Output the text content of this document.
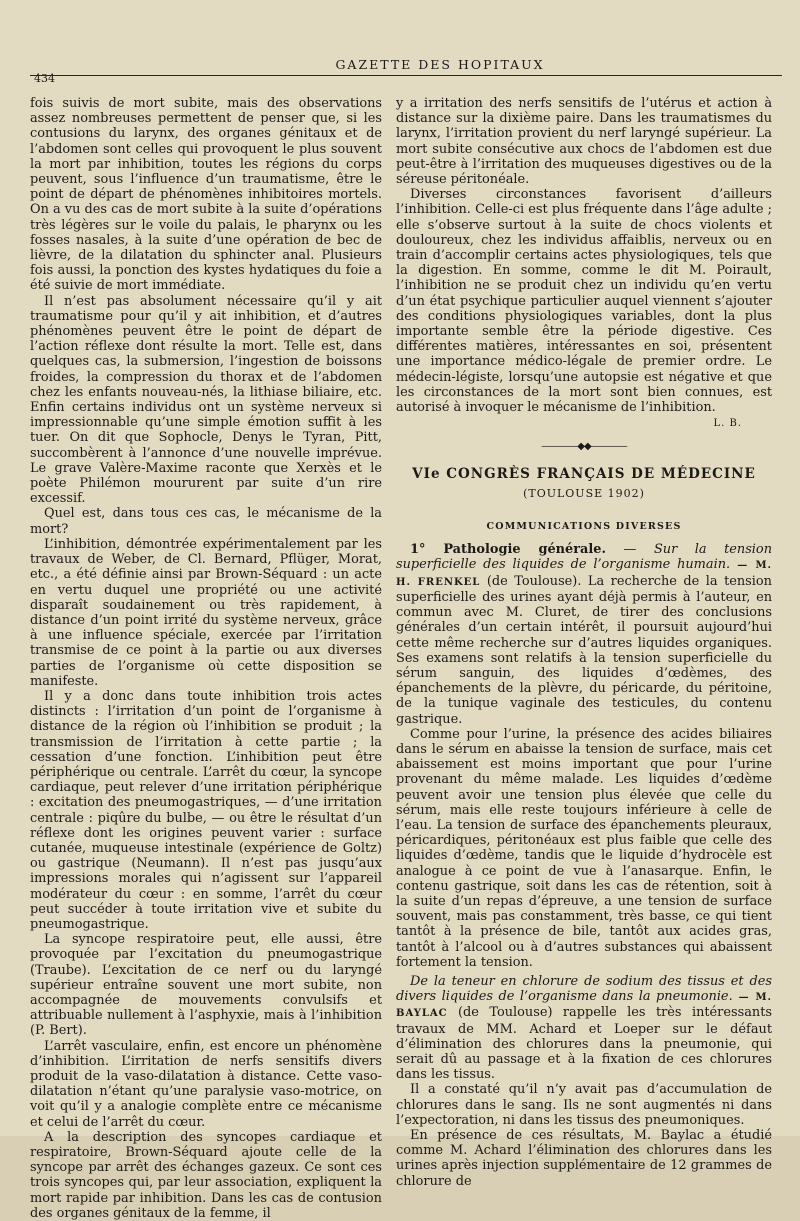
434
GAZETTE DES HOPITAUX

fois suivis de mort subite, mais des observations assez nombreuses permettent de penser que, si les contusions du larynx, des organes génitaux et de l’abdomen sont celles qui provoquent le plus souvent la mort par inhibition, toutes les régions du corps peuvent, sous l’influence d’un traumatisme, être le point de départ de phénomènes inhibitoires mortels. On a vu des cas de mort subite à la suite d’opérations très légères sur le voile du palais, le pharynx ou les fosses nasales, à la suite d’une opération de bec de lièvre, de la dilatation du sphincter anal. Plusieurs fois aussi, la ponction des kystes hydatiques du foie a été suivie de mort immédiate.

Il n’est pas absolument nécessaire qu’il y ait traumatisme pour qu’il y ait inhibition, et d’autres phénomènes peuvent être le point de départ de l’action réflexe dont résulte la mort. Telle est, dans quelques cas, la submersion, l’ingestion de boissons froides, la compression du thorax et de l’abdomen chez les enfants nouveau-nés, la lithiase biliaire, etc. Enfin certains individus ont un système nerveux si impressionnable qu’une simple émotion suffit à les tuer. On dit que Sophocle, Denys le Tyran, Pitt, succombèrent à l’annonce d’une nouvelle imprévue. Le grave Valère-Maxime raconte que Xerxès et le poète Philémon moururent par suite d’un rire excessif.

Quel est, dans tous ces cas, le mécanisme de la mort?

L’inhibition, démontrée expérimentalement par les travaux de Weber, de Cl. Bernard, Pflüger, Morat, etc., a été définie ainsi par Brown-Séquard : un acte en vertu duquel une propriété ou une activité disparaît soudainement ou très rapidement, à distance d’un point irrité du système nerveux, grâce à une influence spéciale, exercée par l’irritation transmise de ce point à la partie ou aux diverses parties de l’organisme où cette disposition se manifeste.

Il y a donc dans toute inhibition trois actes distincts : l’irritation d’un point de l’organisme à distance de la région où l’inhibition se produit ; la transmission de l’irritation à cette partie ; la cessation d’une fonction. L’inhibition peut être périphérique ou centrale. L’arrêt du cœur, la syncope cardiaque, peut relever d’une irritation périphérique : excitation des pneumogastriques, — d’une irritation centrale : piqûre du bulbe, — ou être le résultat d’un réflexe dont les origines peuvent varier : surface cutanée, muqueuse intestinale (expérience de Goltz) ou gastrique (Neumann). Il n’est pas jusqu’aux impressions morales qui n’agissent sur l’appareil modérateur du cœur : en somme, l’arrêt du cœur peut succéder à toute irritation vive et subite du pneumogastrique.

La syncope respiratoire peut, elle aussi, être provoquée par l’excitation du pneumogastrique (Traube). L’excitation de ce nerf ou du laryngé supérieur entraîne souvent une mort subite, non accompagnée de mouvements convulsifs et attribuable nullement à l’asphyxie, mais à l’inhibition (P. Bert).

L’arrêt vasculaire, enfin, est encore un phénomène d’inhibition. L’irritation de nerfs sensitifs divers produit de la vaso-dilatation à distance. Cette vaso-dilatation n’étant qu’une paralysie vaso-motrice, on voit qu’il y a analogie complète entre ce mécanisme et celui de l’arrêt du cœur.

A la description des syncopes cardiaque et respiratoire, Brown-Séquard ajoute celle de la syncope par arrêt des échanges gazeux. Ce sont ces trois syncopes qui, par leur association, expliquent la mort rapide par inhibition. Dans les cas de contusion des organes génitaux de la femme, il

y a irritation des nerfs sensitifs de l’utérus et action à distance sur la dixième paire. Dans les traumatismes du larynx, l’irritation provient du nerf laryngé supérieur. La mort subite consécutive aux chocs de l’abdomen est due peut-être à l’irritation des muqueuses digestives ou de la séreuse péritonéale.

Diverses circonstances favorisent d’ailleurs l’inhibition. Celle-ci est plus fréquente dans l’âge adulte ; elle s’observe surtout à la suite de chocs violents et douloureux, chez les individus affaiblis, nerveux ou en train d’accomplir certains actes physiologiques, tels que la digestion. En somme, comme le dit M. Poirault, l’inhibition ne se produit chez un individu qu’en vertu d’un état psychique particulier auquel viennent s’ajouter des conditions physiologiques variables, dont la plus importante semble être la période digestive. Ces différentes matières, intéressantes en soi, présentent une importance médico-légale de premier ordre. Le médecin-légiste, lorsqu’une autopsie est négative et que les circonstances de la mort sont bien connues, est autorisé à invoquer le mécanisme de l’inhibition.

L. B.
————◆◆————
VIe CONGRÈS FRANÇAIS DE MÉDECINE
(TOULOUSE 1902)
COMMUNICATIONS DIVERSES

1° Pathologie générale. — Sur la tension superficielle des liquides de l’organisme humain. — M. H. FRENKEL (de Toulouse). La recherche de la tension superficielle des urines ayant déjà permis à l’auteur, en commun avec M. Cluret, de tirer des conclusions générales d’un certain intérêt, il poursuit aujourd’hui cette même recherche sur d’autres liquides organiques. Ses examens sont relatifs à la tension superficielle du sérum sanguin, des liquides d’œdèmes, des épanchements de la plèvre, du péricarde, du péritoine, de la tunique vaginale des testicules, du contenu gastrique.

Comme pour l’urine, la présence des acides biliaires dans le sérum en abaisse la tension de surface, mais cet abaissement est moins important que pour l’urine provenant du même malade. Les liquides d’œdème peuvent avoir une tension plus élevée que celle du sérum, mais elle reste toujours inférieure à celle de l’eau. La tension de surface des épanchements pleuraux, péricardiques, péritonéaux est plus faible que celle des liquides d’œdème, tandis que le liquide d’hydrocèle est analogue à ce point de vue à l’anasarque. Enfin, le contenu gastrique, soit dans les cas de rétention, soit à la suite d’un repas d’épreuve, a une tension de surface souvent, mais pas constamment, très basse, ce qui tient tantôt à la présence de bile, tantôt aux acides gras, tantôt à l’alcool ou à d’autres substances qui abaissent fortement la tension.

De la teneur en chlorure de sodium des tissus et des divers liquides de l’organisme dans la pneumonie. — M. BAYLAC (de Toulouse) rappelle les très intéressants travaux de MM. Achard et Loeper sur le défaut d’élimination des chlorures dans la pneumonie, qui serait dû au passage et à la fixation de ces chlorures dans les tissus.

Il a constaté qu’il n’y avait pas d’accumulation de chlorures dans le sang. Ils ne sont augmentés ni dans l’expectoration, ni dans les tissus des pneumoniques.

En présence de ces résultats, M. Baylac a étudié comme M. Achard l’élimination des chlorures dans les urines après injection supplémentaire de 12 grammes de chlorure de
